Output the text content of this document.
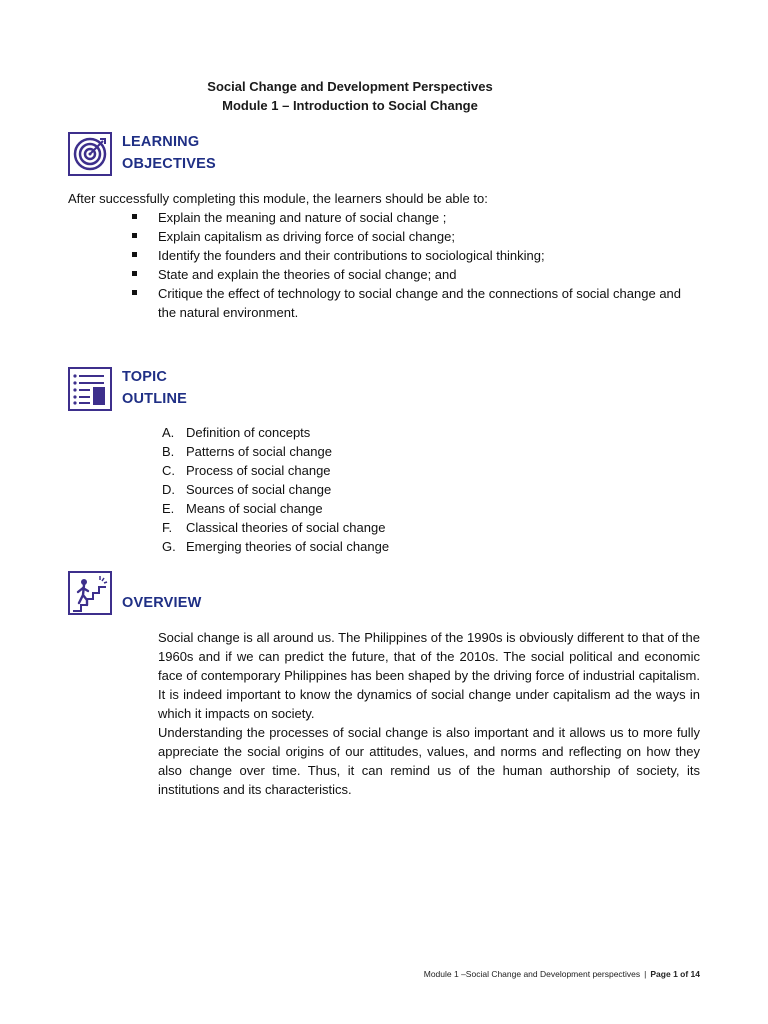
Social Change and Development Perspectives

Module 1 – Introduction to Social Change

LEARNING
OBJECTIVES

After successfully completing this module, the learners should be able to:

Explain the meaning and nature of social change ;
Explain capitalism as driving force of social change;
Identify the founders and their contributions to sociological thinking;
State and explain the theories of social change; and
Critique the effect of technology to social change and the connections of social change and the natural environment.
TOPIC
OUTLINE
A. Definition of concepts
B. Patterns of social change
C. Process of social change
D. Sources of social change
E. Means of social change
F.	Classical theories of social change
G. Emerging theories of social change
OVERVIEW

Social change is all around us. The Philippines of the 1990s is obviously different to that of the 1960s and if we can predict the future, that of the 2010s. The social political and economic face of contemporary Philippines has been shaped by the driving force of industrial capitalism. It is indeed important to know the dynamics of social change under capitalism ad the ways in which it impacts on society.

Understanding the processes of social change is also important and it allows us to more fully appreciate the social origins of our attitudes, values, and norms and reflecting on how they also change over time. Thus, it can remind us of the human authorship of society, its institutions and its characteristics.

Module 1 –Social Change and Development perspectives | Page 1 of 14
